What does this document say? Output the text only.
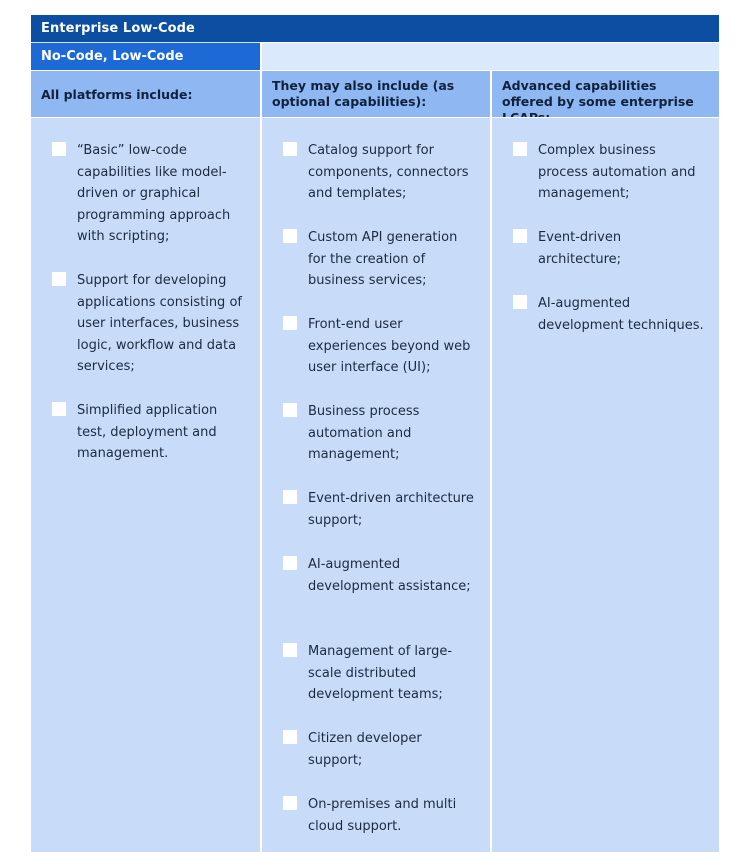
Enterprise Low-Code
No-Code, Low-Code
All platforms include:
They may also include (as optional capabilities):
Advanced capabilities offered by some enterprise
“Basic” low-code capabilities like model-driven or graphical programming approach with scripting;
Support for developing applications consisting of user interfaces, business logic, workflow and data services;
Simplified application test, deployment and management.
Catalog support for components, connectors and templates;
Custom API generation for the creation of business services;
Front-end user experiences beyond web user interface (UI);
Business process automation and management;
Event-driven architecture support;
AI-augmented development assistance;
Management of large-scale distributed development teams;
Citizen developer support;
On-premises and multi cloud support.
Complex business process automation and management;
Event-driven architecture;
AI-augmented development techniques.
